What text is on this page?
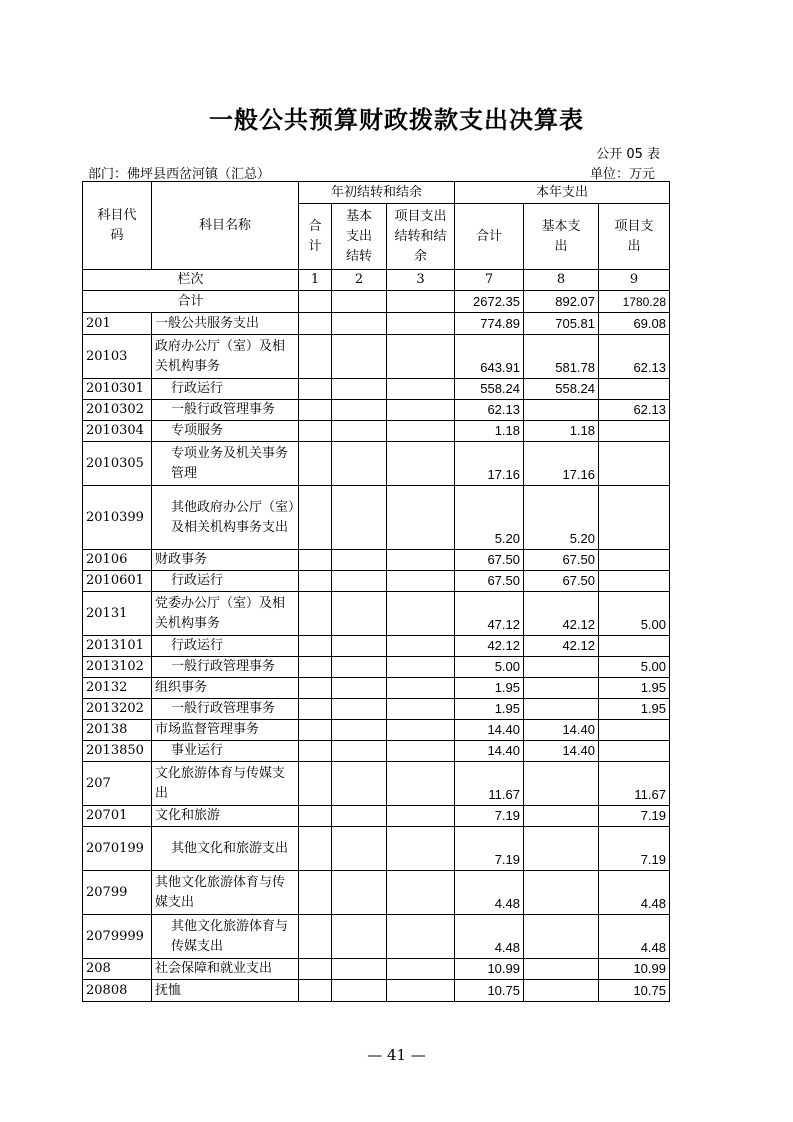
一般公共预算财政拨款支出决算表
公开 05 表
部门：佛坪县西岔河镇（汇总）	单位：万元
科目代码	科目名称	年初结转和结余			本年支出		
		合计	基本支出结转	项目支出结转和结余	合计	基本支出	项目支出
栏次		1	2	3	7	8	9
合计					2672.35	892.07	1780.28
201	一般公共服务支出				774.89	705.81	69.08
20103	政府办公厅（室）及相关机构事务				643.91	581.78	62.13
2010301	行政运行				558.24	558.24	
2010302	一般行政管理事务				62.13		62.13
2010304	专项服务				1.18	1.18	
2010305	专项业务及机关事务管理				17.16	17.16	
2010399	其他政府办公厅（室）及相关机构事务支出				5.20	5.20	
20106	财政事务				67.50	67.50	
2010601	行政运行				67.50	67.50	
20131	党委办公厅（室）及相关机构事务				47.12	42.12	5.00
2013101	行政运行				42.12	42.12	
2013102	一般行政管理事务				5.00		5.00
20132	组织事务				1.95		1.95
2013202	一般行政管理事务				1.95		1.95
20138	市场监督管理事务				14.40	14.40	
2013850	事业运行				14.40	14.40	
207	文化旅游体育与传媒支出				11.67		11.67
20701	文化和旅游				7.19		7.19
2070199	其他文化和旅游支出				7.19		7.19
20799	其他文化旅游体育与传媒支出				4.48		4.48
2079999	其他文化旅游体育与传媒支出				4.48		4.48
208	社会保障和就业支出				10.99		10.99
20808	抚恤				10.75		10.75
— 41 —
